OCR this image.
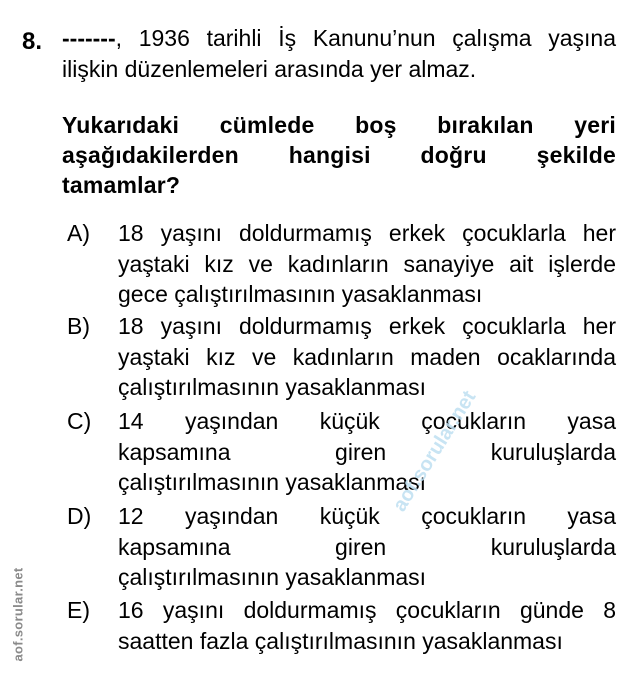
8. -------, 1936 tarihli İş Kanunu’nun çalışma yaşına ilişkin düzenlemeleri arasında yer almaz.
Yukarıdaki cümlede boş bırakılan yeri
aşağıdakilerden hangisi doğru şekilde
tamamlar?
A) 18 yaşını doldurmamış erkek çocuklarla her
yaştaki kız ve kadınların sanayiye ait işlerde
gece çalıştırılmasının yasaklanması
B) 18 yaşını doldurmamış erkek çocuklarla her
yaştaki kız ve kadınların maden ocaklarında
çalıştırılmasının yasaklanması
C) 14 yaşından küçük çocukların yasa
kapsamına giren kuruluşlarda
çalıştırılmasının yasaklanması
D) 12 yaşından küçük çocukların yasa
kapsamına giren kuruluşlarda
çalıştırılmasının yasaklanması
E) 16 yaşını doldurmamış çocukların günde 8
saatten fazla çalıştırılmasının yasaklanması
aof.sorular.net
aof.sorular.net
